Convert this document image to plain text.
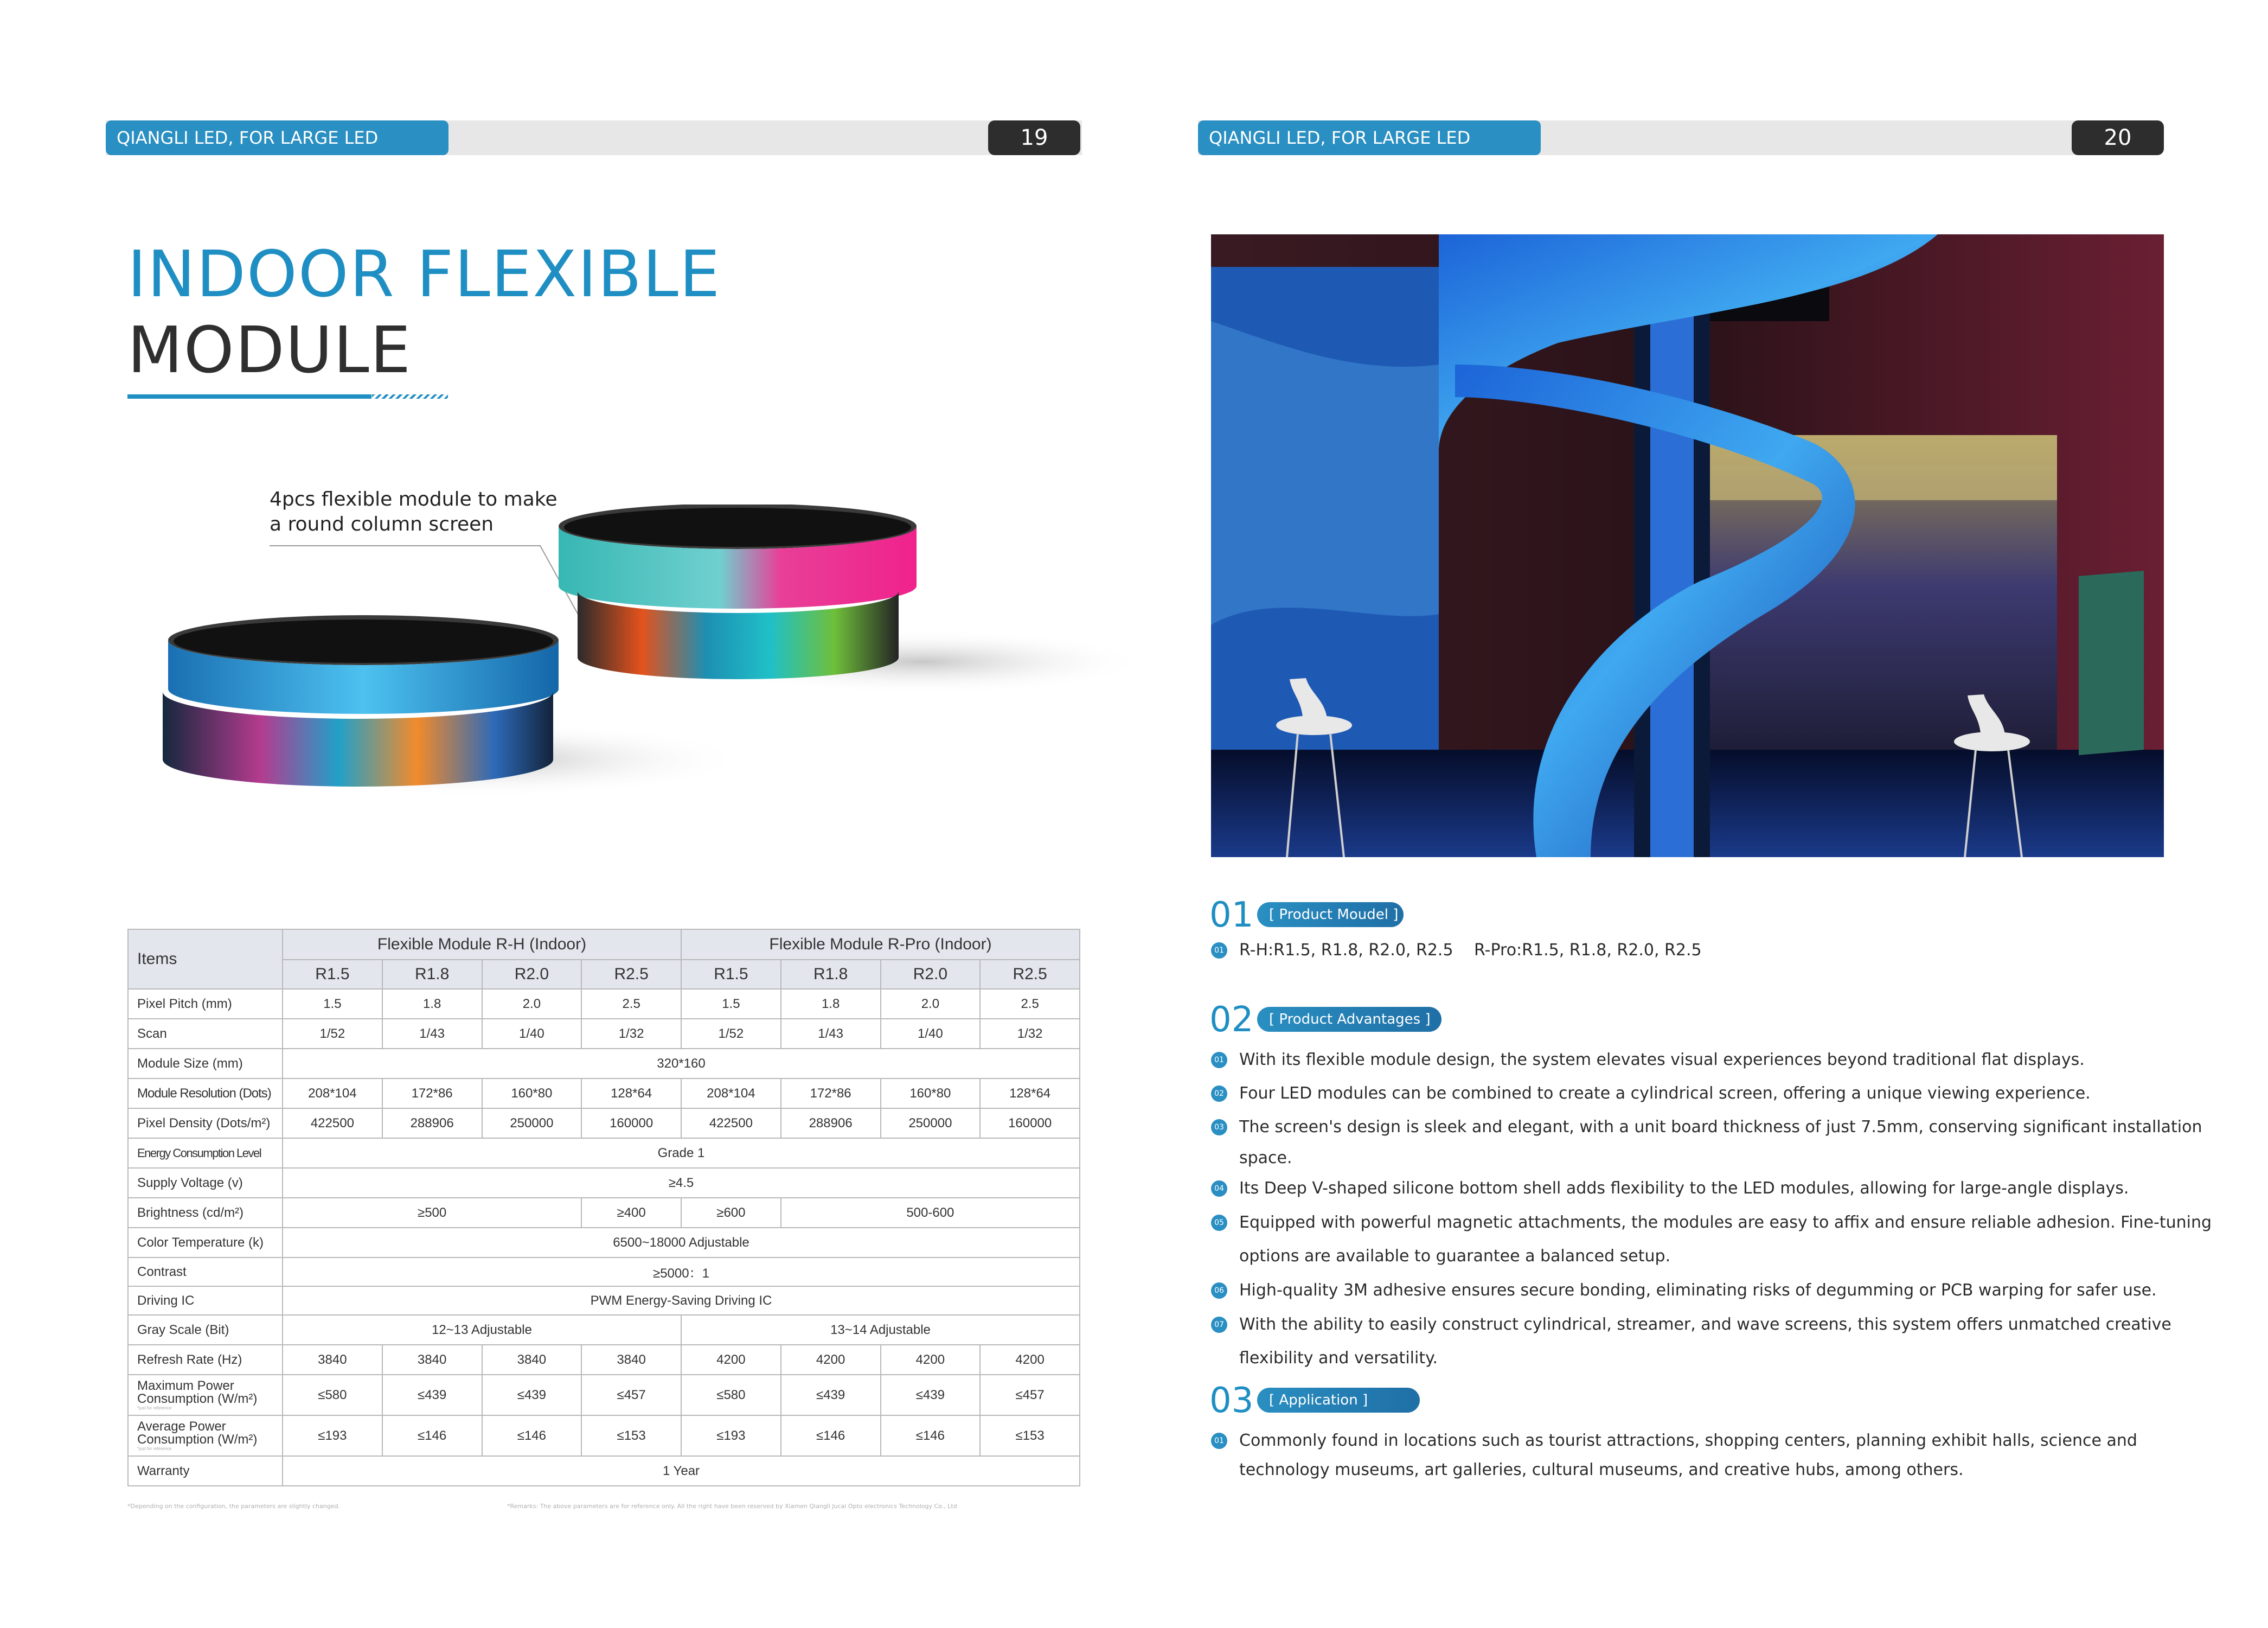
QIANGLI LED, FOR LARGE LED DISPLAYS
19	QIANGLI LED, FOR LARGE LED DISPLAYS
20
INDOOR FLEXIBLE
MODULE
4pcs flexible module to make
a round column screen
Items	Flexible Module R-H (Indoor)				Flexible Module R-Pro (Indoor)			
	R1.5	R1.8	R2.0	R2.5	R1.5	R1.8	R2.0	R2.5
Pixel Pitch (mm)	1.5	1.8	2.0	2.5	1.5	1.8	2.0	2.5
Scan	1/52	1/43	1/40	1/32	1/52	1/43	1/40	1/32
Module Size (mm)	320*160							
Module Resolution (Dots)	208*104	172*86	160*80	128*64	208*104	172*86	160*80	128*64
Pixel Density (Dots/m²)	422500	288906	250000	160000	422500	288906	250000	160000
Energy Consumption Level	Grade 1							
Supply Voltage (v)	≥4.5							
Brightness (cd/m²)	≥500			≥400	≥600	500-600		
Color Temperature (k)	6500~18000 Adjustable							
Contrast	≥5000：1							
Driving IC	PWM Energy-Saving Driving IC							
Gray Scale (Bit)	12~13 Adjustable				13~14 Adjustable			
Refresh Rate (Hz)	3840	3840	3840	3840	4200	4200	4200	4200

Maximum Power
Consumption (W/m²)
*just for reference	≤580	≤439	≤439	≤457	≤580	≤439	≤439	≤457

Average Power
Consumption (W/m²)
*just for reference	≤193	≤146	≤146	≤153	≤193	≤146	≤146	≤153
Warranty	1 Year							
*Depending on the configuration, the parameters are slightly changed.	*Remarks: The above parameters are for reference only. All the right have been reserved by Xiamen Qiangli Jucai Opto electronics Technology Co., Ltd
01	[ Product Moudel ]
01 R-H:R1.5, R1.8, R2.0, R2.5 R-Pro:R1.5, R1.8, R2.0, R2.5
02	[ Product Advantages ]
01 With its flexible module design, the system elevates visual experiences beyond traditional flat displays.
02 Four LED modules can be combined to create a cylindrical screen, offering a unique viewing experience.
03 The screen's design is sleek and elegant, with a unit board thickness of just 7.5mm, conserving significant installation
space.
04 Its Deep V-shaped silicone bottom shell adds flexibility to the LED modules, allowing for large-angle displays.
05 Equipped with powerful magnetic attachments, the modules are easy to affix and ensure reliable adhesion. Fine-tuning
options are available to guarantee a balanced setup.
06 High-quality 3M adhesive ensures secure bonding, eliminating risks of degumming or PCB warping for safer use.
07 With the ability to easily construct cylindrical, streamer, and wave screens, this system offers unmatched creative
flexibility and versatility.
03	[ Application ]
01 Commonly found in locations such as tourist attractions, shopping centers, planning exhibit halls, science and
technology museums, art galleries, cultural museums, and creative hubs, among others.
